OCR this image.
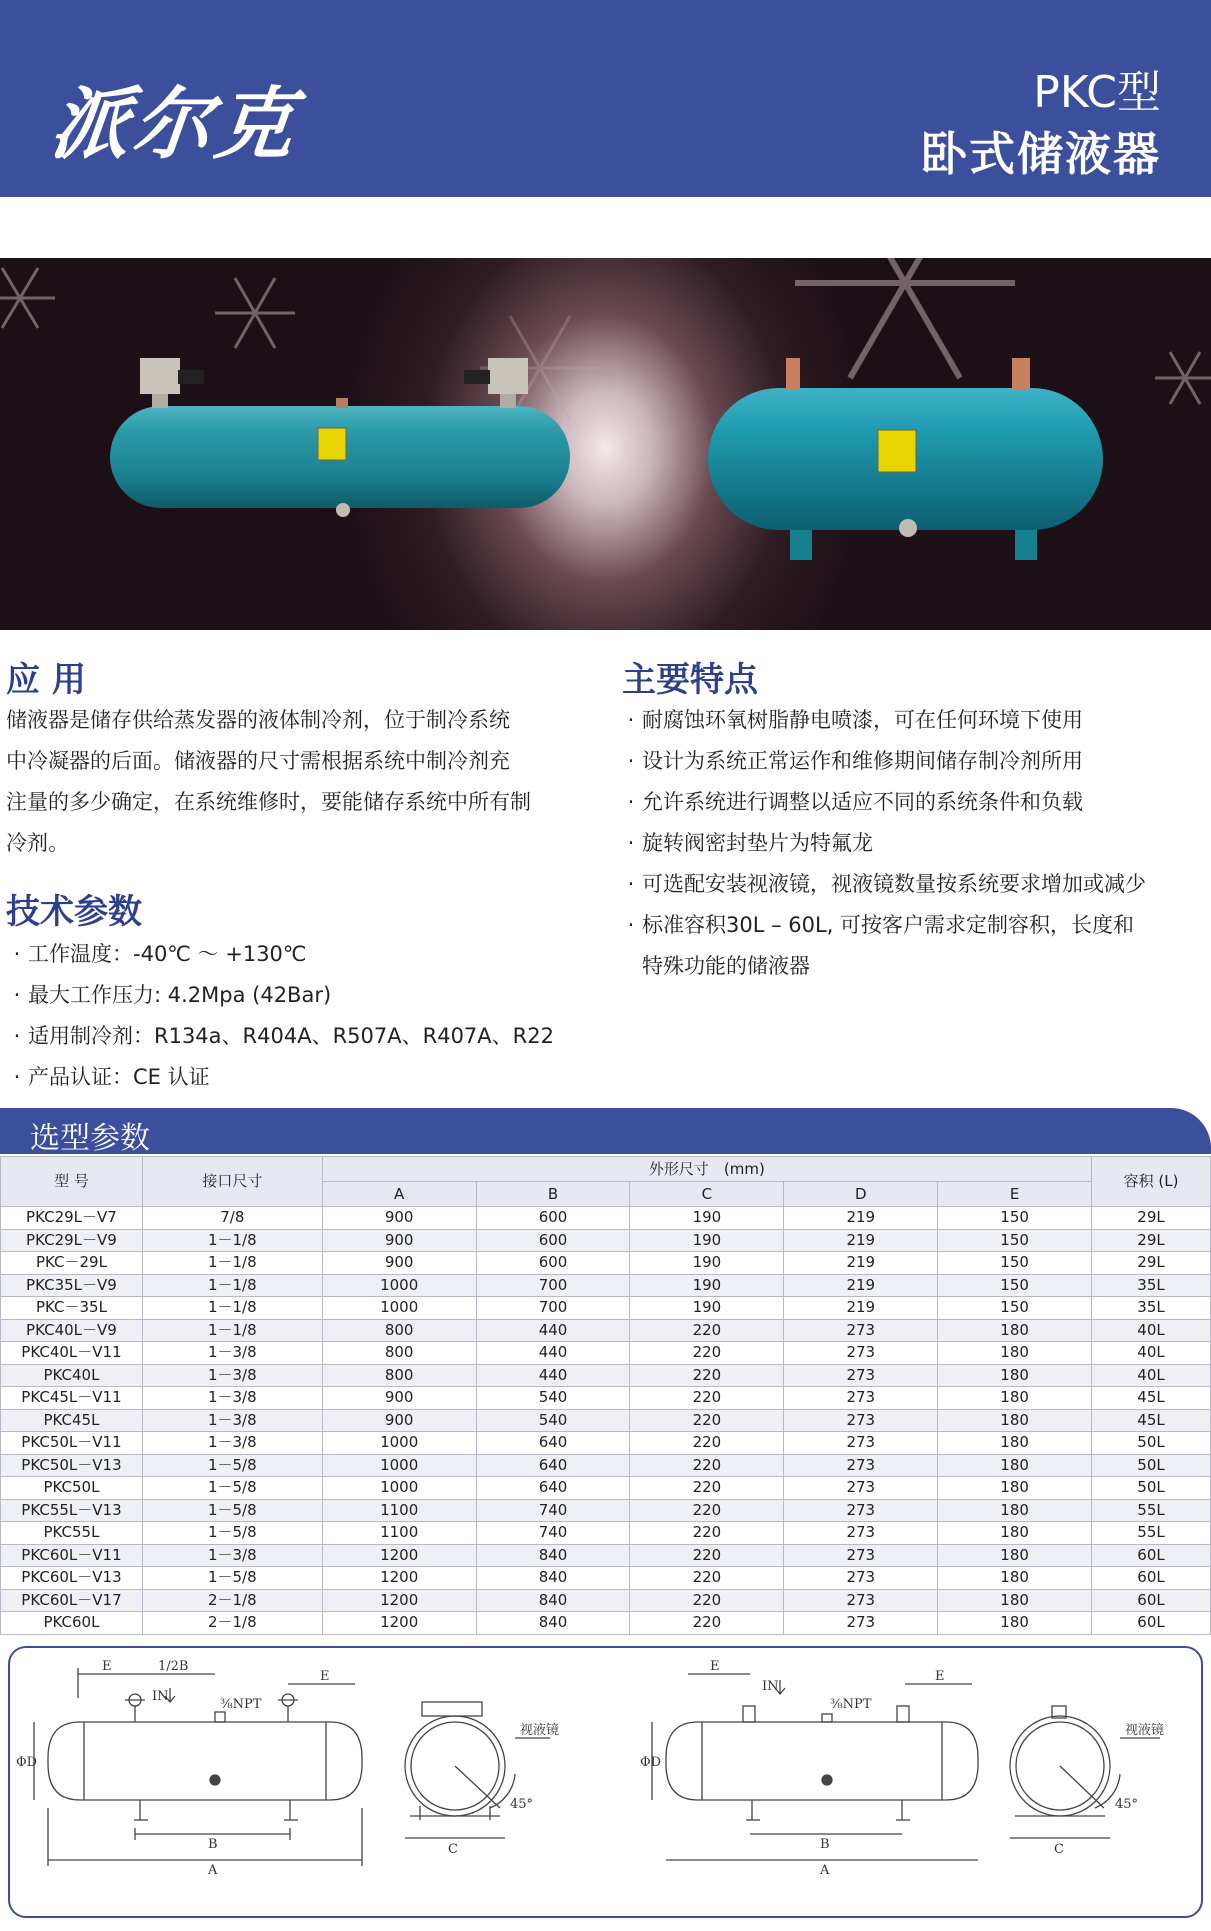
派尔克	PKC型
卧式储液器
应 用
储液器是储存供给蒸发器的液体制冷剂，位于制冷系统
中冷凝器的后面。储液器的尺寸需根据系统中制冷剂充
注量的多少确定，在系统维修时，要能储存系统中所有制
冷剂。
技术参数
· 工作温度：-40℃ ～ +130℃
· 最大工作压力: 4.2Mpa (42Bar)
· 适用制冷剂：R134a、R404A、R507A、R407A、R22
· 产品认证：CE 认证
主要特点
· 耐腐蚀环氧树脂静电喷漆，可在任何环境下使用
· 设计为系统正常运作和维修期间储存制冷剂所用
· 允许系统进行调整以适应不同的系统条件和负载
· 旋转阀密封垫片为特氟龙
· 可选配安装视液镜，视液镜数量按系统要求增加或减少
· 标准容积30L – 60L, 可按客户需求定制容积，长度和
特殊功能的储液器
选型参数
型 号	接口尺寸	外形尺寸　(mm)					容积 (L)
		A	B	C	D	E	
PKC29L－V7	7/8	900	600	190	219	150	29L
PKC29L－V9	1－1/8	900	600	190	219	150	29L
PKC－29L	1－1/8	900	600	190	219	150	29L
PKC35L－V9	1－1/8	1000	700	190	219	150	35L
PKC－35L	1－1/8	1000	700	190	219	150	35L
PKC40L－V9	1－1/8	800	440	220	273	180	40L
PKC40L－V11	1－3/8	800	440	220	273	180	40L
PKC40L	1－3/8	800	440	220	273	180	40L
PKC45L－V11	1－3/8	900	540	220	273	180	45L
PKC45L	1－3/8	900	540	220	273	180	45L
PKC50L－V11	1－3/8	1000	640	220	273	180	50L
PKC50L－V13	1－5/8	1000	640	220	273	180	50L
PKC50L	1－5/8	1000	640	220	273	180	50L
PKC55L－V13	1－5/8	1100	740	220	273	180	55L
PKC55L	1－5/8	1100	740	220	273	180	55L
PKC60L－V11	1－3/8	1200	840	220	273	180	60L
PKC60L－V13	1－5/8	1200	840	220	273	180	60L
PKC60L－V17	2－1/8	1200	840	220	273	180	60L
PKC60L	2－1/8	1200	840	220	273	180	60L
E	1/2B
IN
⅜NPT
E
ΦD
B
A
C
视液镜
45°
E
IN
⅜NPT
E
ΦD
B
A
C
视液镜
45°
